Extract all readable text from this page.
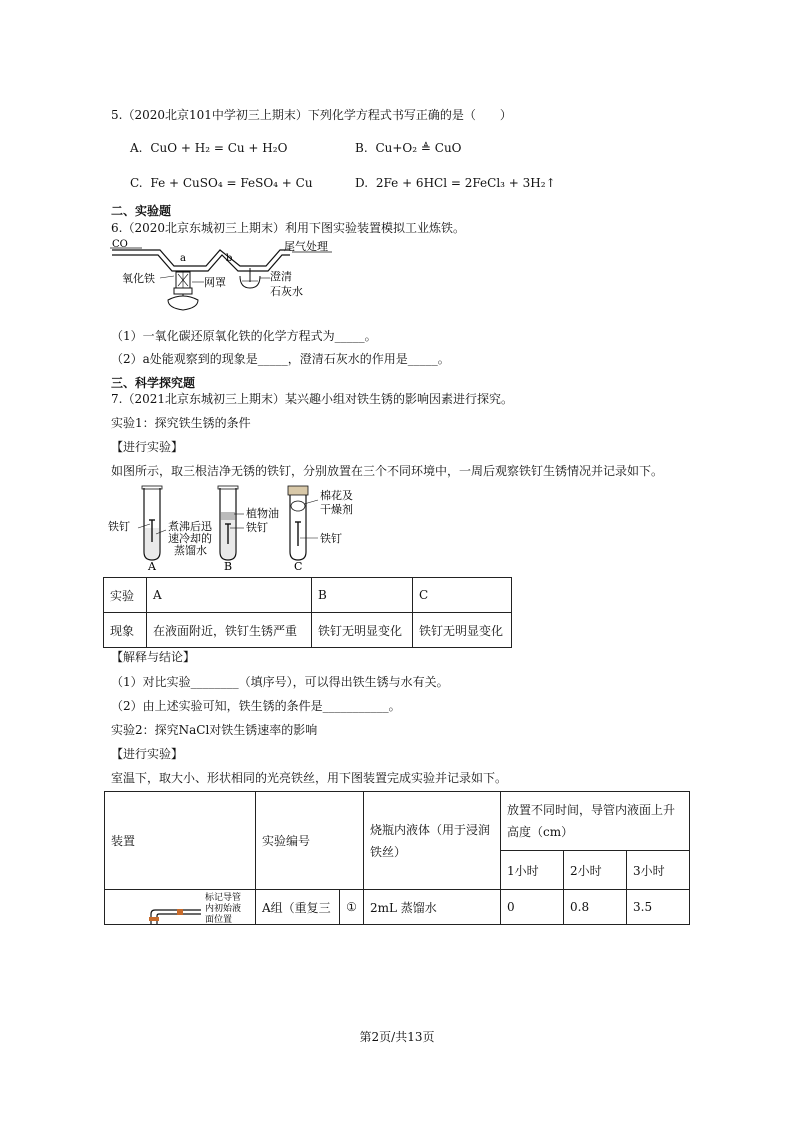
5.（2020北京101中学初三上期末）下列化学方程式书写正确的是（　　）
A. CuO + H₂ = Cu + H₂O	B. Cu+O₂ ≜ CuO
C. Fe + CuSO₄ = FeSO₄ + Cu	D. 2Fe + 6HCl = 2FeCl₃ + 3H₂↑
二、实验题
6.（2020北京东城初三上期末）利用下图实验装置模拟工业炼铁。
CO
a	b
尾气处理
氧化铁	网罩	澄清
石灰水
（1）一氧化碳还原氧化铁的化学方程式为_____。
（2）a处能观察到的现象是_____，澄清石灰水的作用是_____。
三、科学探究题
7.（2021北京东城初三上期末）某兴趣小组对铁生锈的影响因素进行探究。
实验1：探究铁生锈的条件
【进行实验】
如图所示，取三根洁净无锈的铁钉，分别放置在三个不同环境中，一周后观察铁钉生锈情况并记录如下。
铁钉	煮沸后迅
速冷却的
蒸馏水
植物油
铁钉
棉花及
干燥剂
铁钉
A	B	C
实验	A	B	C
现象	在液面附近，铁钉生锈严重	铁钉无明显变化	铁钉无明显变化
【解释与结论】
（1）对比实验________（填序号），可以得出铁生锈与水有关。
（2）由上述实验可知，铁生锈的条件是___________。
实验2：探究NaCl对铁生锈速率的影响
【进行实验】
室温下，取大小、形状相同的光亮铁丝，用下图装置完成实验并记录如下。
装置	实验编号		烧瓶内液体（用于浸润铁丝）	放置不同时间，导管内液面上升高度（cm）		
				1小时	2小时	3小时

标记导管
内初始液
面位置	A组（重复三	①	2mL 蒸馏水	0	0.8	3.5
第2页/共13页
